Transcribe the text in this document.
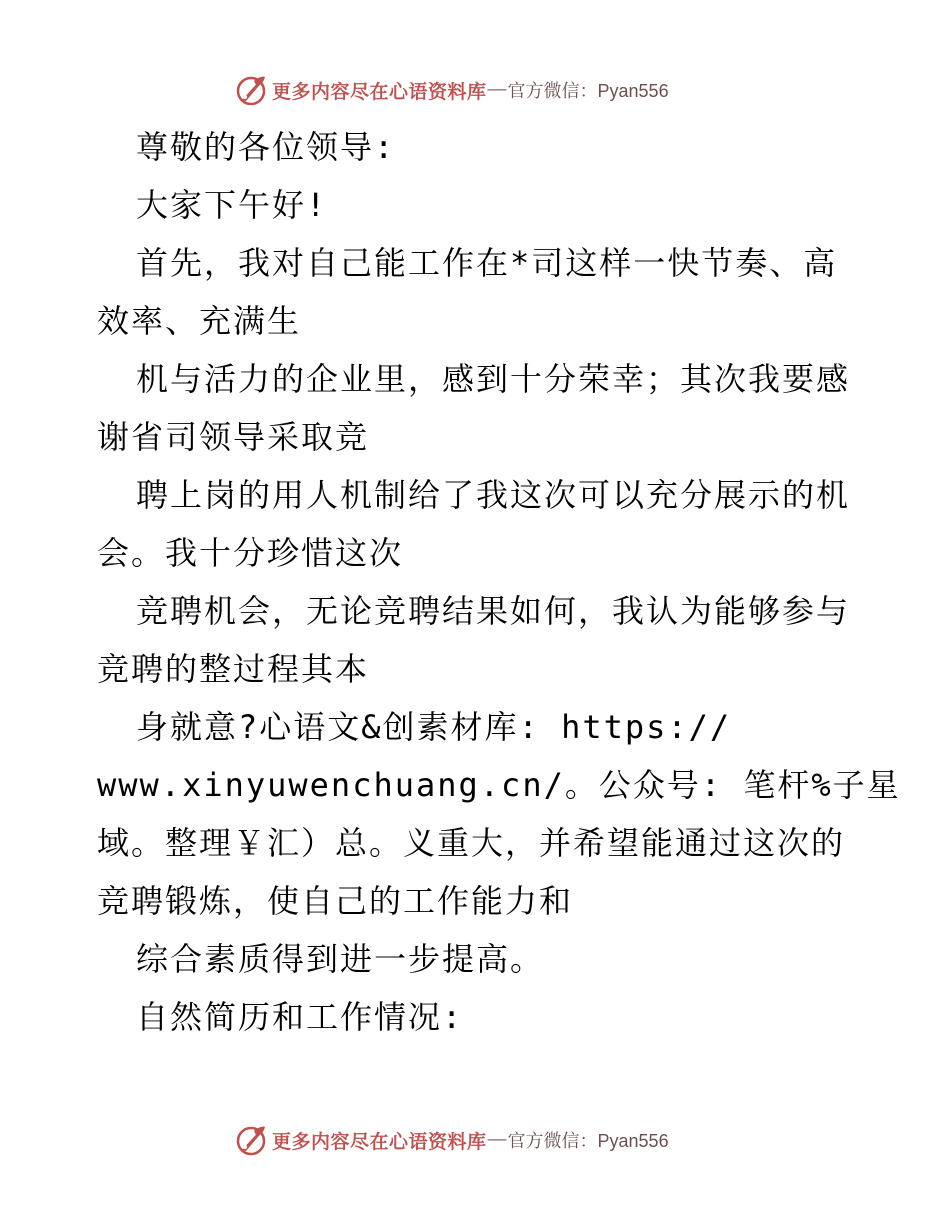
更多内容尽在心语资料库 — 官方微信：Pyan556
尊敬的各位领导:
大家下午好!
首先，我对自己能工作在*司这样一快节奏、高
效率、充满生
机与活力的企业里，感到十分荣幸；其次我要感
谢省司领导采取竞
聘上岗的用人机制给了我这次可以充分展示的机
会。我十分珍惜这次
竞聘机会，无论竞聘结果如何，我认为能够参与
竞聘的整过程其本
身就意?心语文&创素材库: https://
www.xinyuwenchuang.cn/。公众号: 笔杆%子星
域。整理￥汇）总。义重大，并希望能通过这次的
竞聘锻炼，使自己的工作能力和
综合素质得到进一步提高。
自然简历和工作情况:
更多内容尽在心语资料库 — 官方微信：Pyan556
